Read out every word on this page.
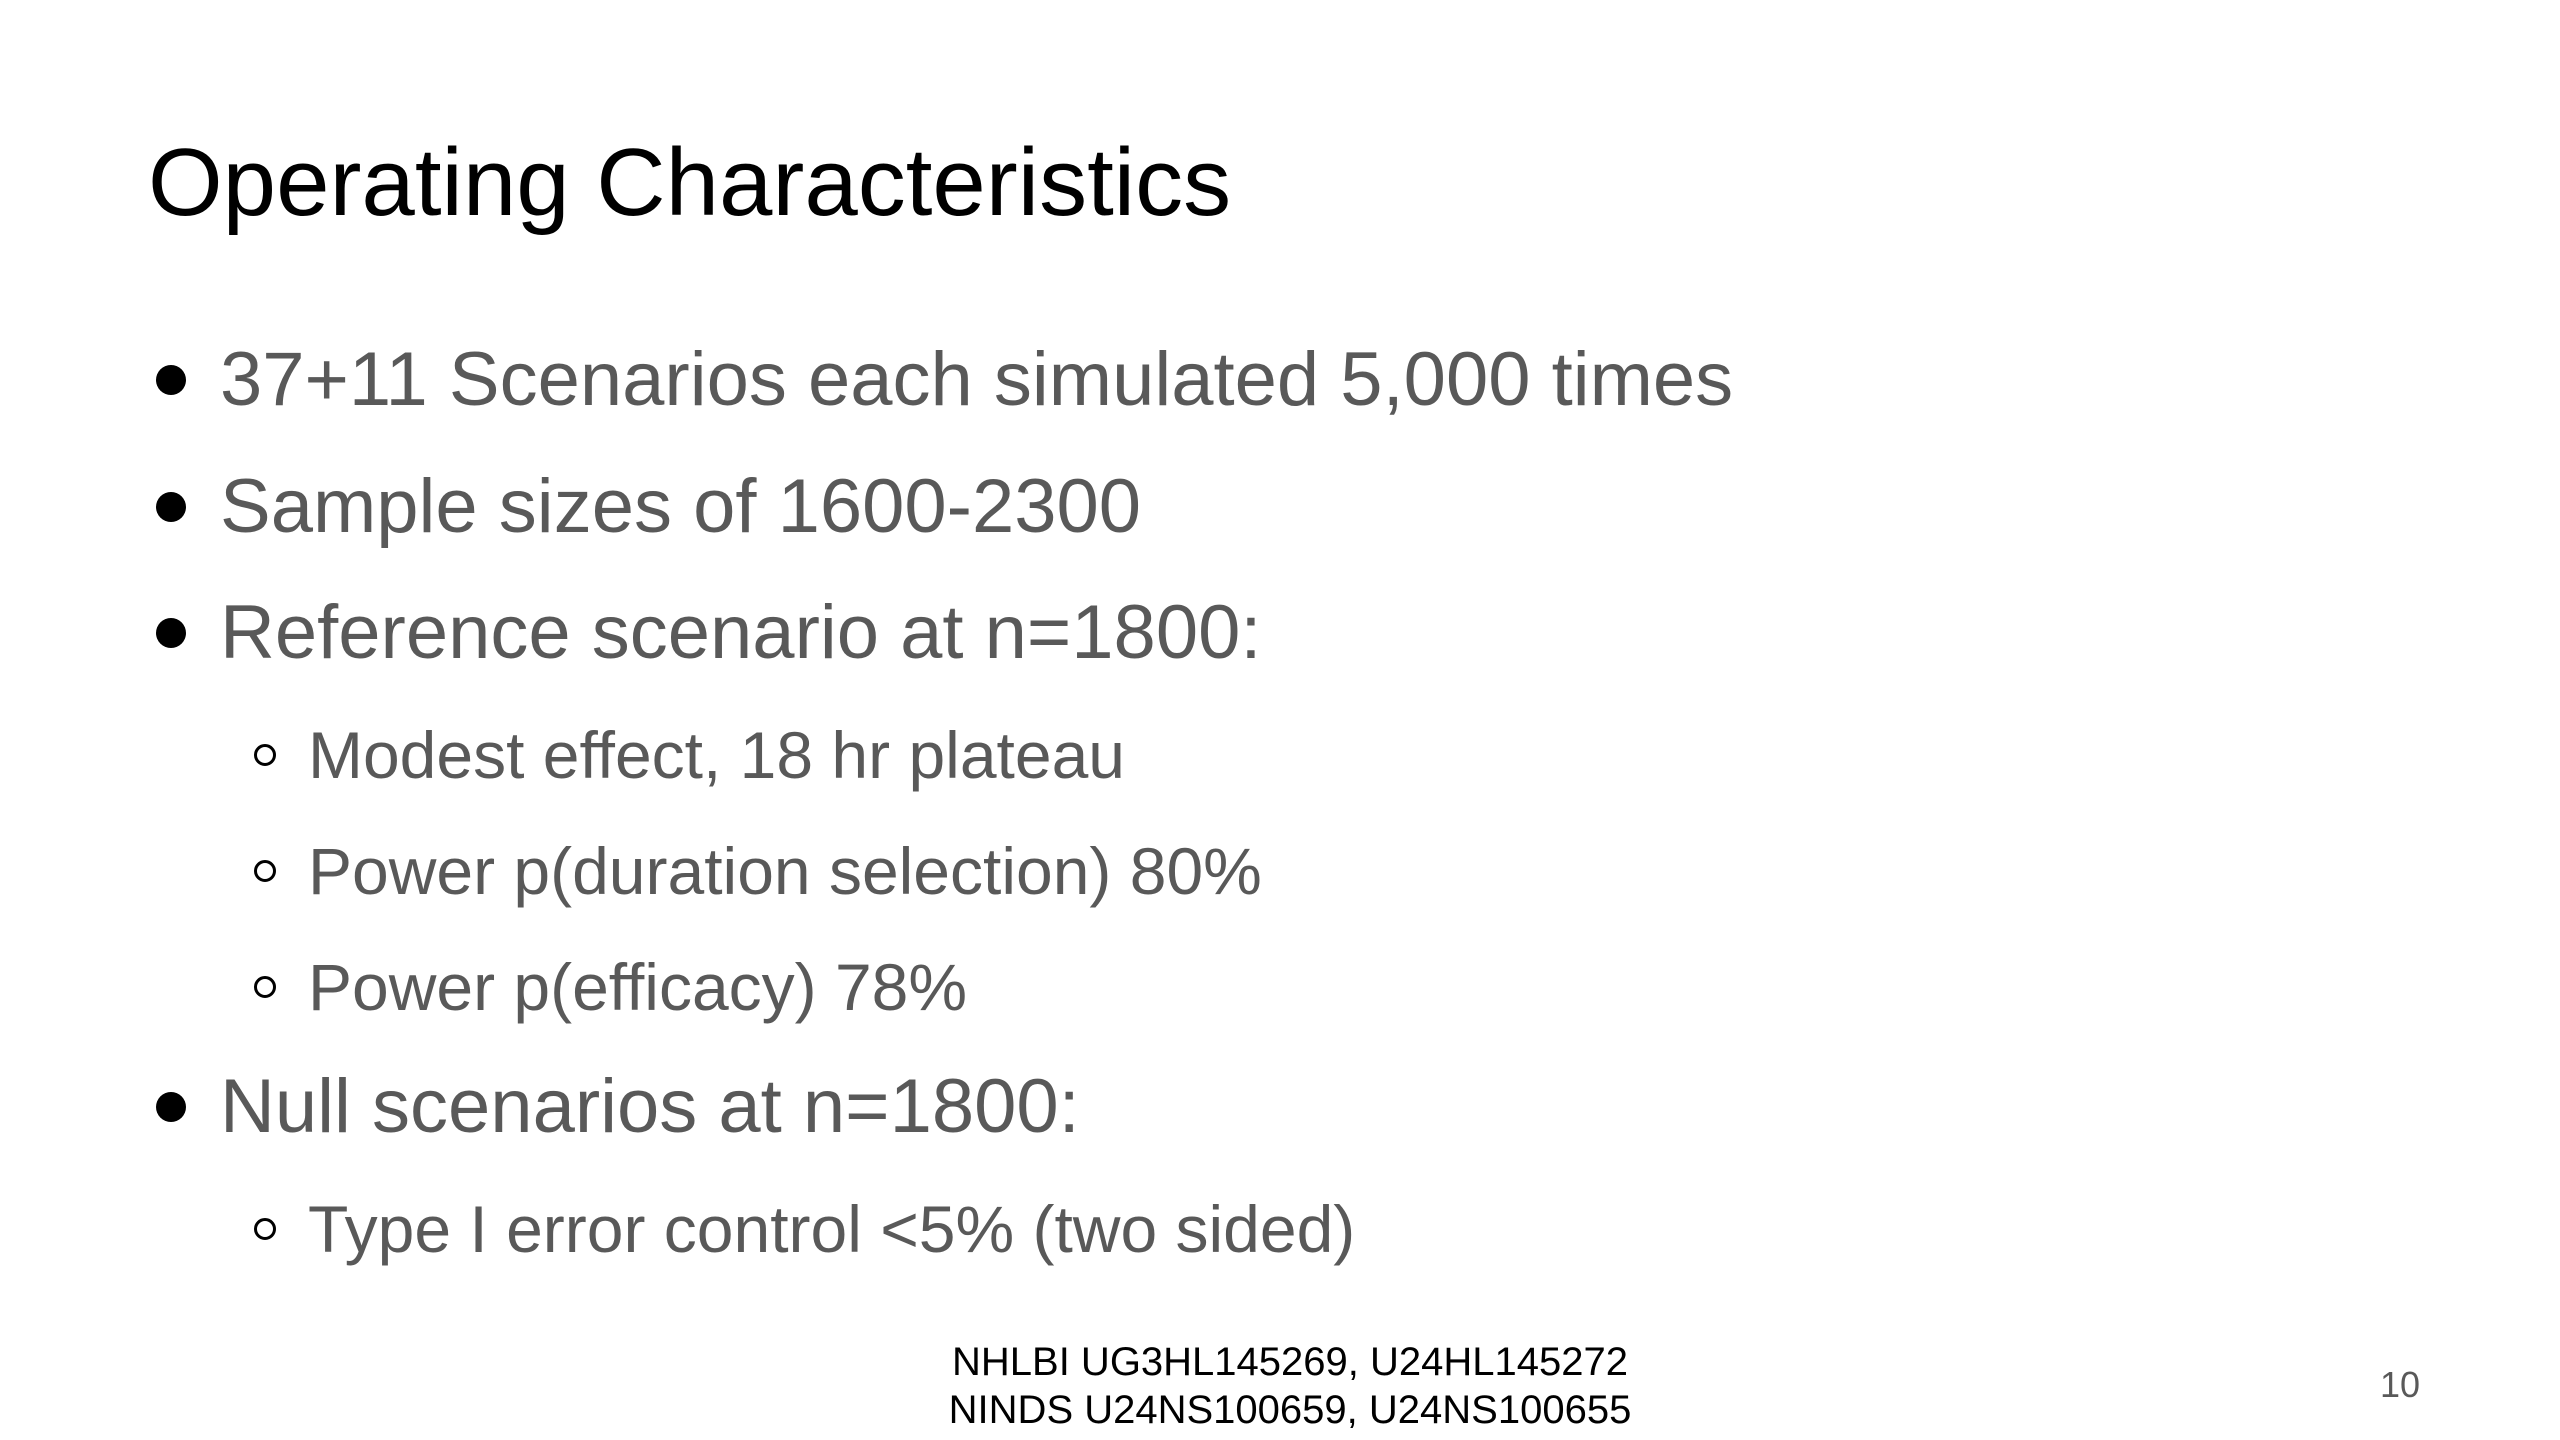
Operating Characteristics
37+11 Scenarios each simulated 5,000 times
Sample sizes of 1600-2300
Reference scenario at n=1800:
Modest effect, 18 hr plateau
Power p(duration selection) 80%
Power p(efficacy) 78%
Null scenarios at n=1800:
Type I error control <5% (two sided)
NHLBI UG3HL145269, U24HL145272
NINDS U24NS100659, U24NS100655
10
